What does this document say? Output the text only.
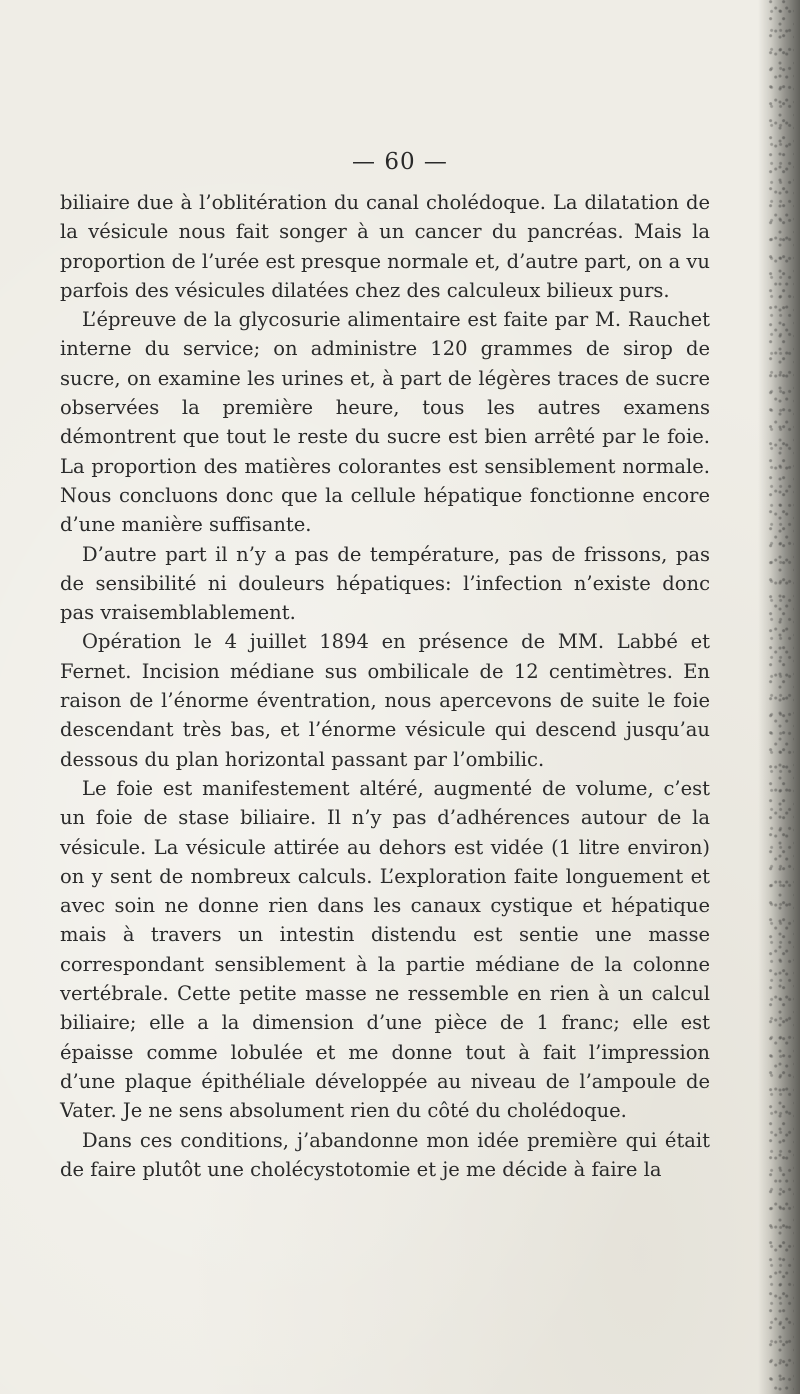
— 60 —

biliaire due à l’oblitération du canal cholédoque. La dilatation de la vésicule nous fait songer à un cancer du pancréas. Mais la proportion de l’urée est presque normale et, d’autre part, on a vu parfois des vésicules dilatées chez des calculeux bilieux purs.

L’épreuve de la glycosurie alimentaire est faite par M. Rauchet interne du service; on administre 120 grammes de sirop de sucre, on examine les urines et, à part de légères traces de sucre observées la première heure, tous les autres examens démontrent que tout le reste du sucre est bien arrêté par le foie. La proportion des matières colorantes est sensiblement normale. Nous concluons donc que la cellule hépatique fonctionne encore d’une manière suffisante.

D’autre part il n’y a pas de température, pas de frissons, pas de sensibilité ni douleurs hépatiques: l’infection n’existe donc pas vraisemblablement.

Opération le 4 juillet 1894 en présence de MM. Labbé et Fernet. Incision médiane sus ombilicale de 12 centimètres. En raison de l’énorme éventration, nous apercevons de suite le foie descendant très bas, et l’énorme vésicule qui descend jusqu’au dessous du plan horizontal passant par l’ombilic.

Le foie est manifestement altéré, augmenté de volume, c’est un foie de stase biliaire. Il n’y pas d’adhérences autour de la vésicule. La vésicule attirée au dehors est vidée (1 litre environ) on y sent de nombreux calculs. L’exploration faite longuement et avec soin ne donne rien dans les canaux cystique et hépatique mais à travers un intestin distendu est sentie une masse correspondant sensiblement à la partie médiane de la colonne vertébrale. Cette petite masse ne ressemble en rien à un calcul biliaire; elle a la dimension d’une pièce de 1 franc; elle est épaisse comme lobulée et me donne tout à fait l’impression d’une plaque épithéliale développée au niveau de l’ampoule de Vater. Je ne sens absolument rien du côté du cholédoque.

Dans ces conditions, j’abandonne mon idée première qui était de faire plutôt une cholécystotomie et je me décide à faire la
